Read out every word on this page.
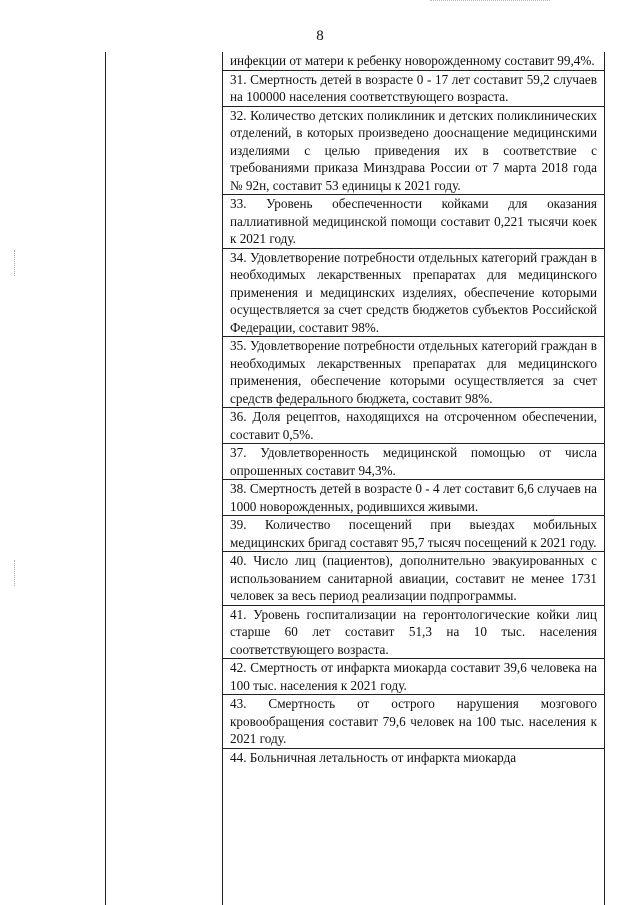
8

инфекции от матери к ребенку новорожденному составит 99,4%.

31. Смертность детей в возрасте 0 - 17 лет составит 59,2 случаев на 100000 населения соответствующего возраста.

32. Количество детских поликлиник и детских поликлинических отделений, в которых произведено дооснащение медицинскими изделиями с целью приведения их в соответствие с требованиями приказа Минздрава России от 7 марта 2018 года № 92н, составит 53 единицы к 2021 году.

33. Уровень обеспеченности койками для оказания паллиативной медицинской помощи составит 0,221 тысячи коек к 2021 году.

34. Удовлетворение потребности отдельных категорий граждан в необходимых лекарственных препаратах для медицинского применения и медицинских изделиях, обеспечение которыми осуществляется за счет средств бюджетов субъектов Российской Федерации, составит 98%.

35. Удовлетворение потребности отдельных категорий граждан в необходимых лекарственных препаратах для медицинского применения, обеспечение которыми осуществляется за счет средств федерального бюджета, составит 98%.

36. Доля рецептов, находящихся на отсроченном обеспечении, составит 0,5%.

37. Удовлетворенность медицинской помощью от числа опрошенных составит 94,3%.

38. Смертность детей в возрасте 0 - 4 лет составит 6,6 случаев на 1000 новорожденных, родившихся живыми.

39. Количество посещений при выездах мобильных медицинских бригад составят 95,7 тысяч посещений к 2021 году.

40. Число лиц (пациентов), дополнительно эвакуированных с использованием санитарной авиации, составит не менее 1731 человек за весь период реализации подпрограммы.

41. Уровень госпитализации на геронтологические койки лиц старше 60 лет составит 51,3 на 10 тыс. населения соответствующего возраста.

42. Смертность от инфаркта миокарда составит 39,6 человека на 100 тыс. населения к 2021 году.

43. Смертность от острого нарушения мозгового кровообращения составит 79,6 человек на 100 тыс. населения к 2021 году.

44. Больничная летальность от инфаркта миокарда
